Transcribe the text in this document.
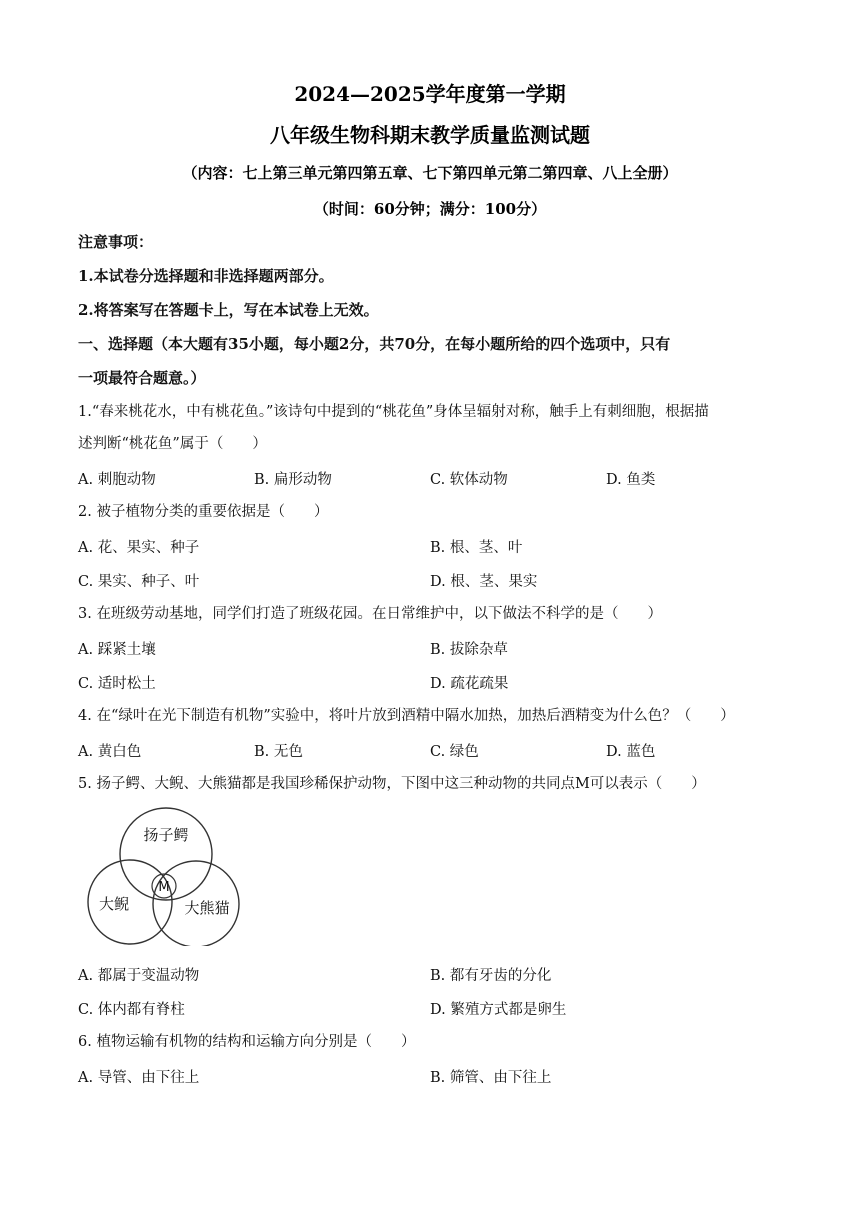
2024—2025学年度第一学期
八年级生物科期末教学质量监测试题
（内容：七上第三单元第四第五章、七下第四单元第二第四章、八上全册）
（时间：60分钟；满分：100分）
注意事项：
1.本试卷分选择题和非选择题两部分。
2.将答案写在答题卡上，写在本试卷上无效。
一、选择题（本大题有35小题，每小题2分，共70分，在每小题所给的四个选项中，只有
一项最符合题意。）
1.“春来桃花水，中有桃花鱼。”该诗句中提到的“桃花鱼”身体呈辐射对称，触手上有刺细胞，根据描
述判断“桃花鱼”属于（　　）
A. 刺胞动物	B. 扁形动物	C. 软体动物	D. 鱼类
2. 被子植物分类的重要依据是（　　）
A. 花、果实、种子	B. 根、茎、叶
C. 果实、种子、叶	D. 根、茎、果实
3. 在班级劳动基地，同学们打造了班级花园。在日常维护中，以下做法不科学的是（　　）
A. 踩紧土壤	B. 拔除杂草
C. 适时松土	D. 疏花疏果
4. 在“绿叶在光下制造有机物”实验中，将叶片放到酒精中隔水加热，加热后酒精变为什么色？（　　）
A. 黄白色	B. 无色	C. 绿色	D. 蓝色
5. 扬子鳄、大鲵、大熊猫都是我国珍稀保护动物，下图中这三种动物的共同点M可以表示（　　）
扬子鳄
大鲵	大熊猫
M
A. 都属于变温动物	B. 都有牙齿的分化
C. 体内都有脊柱	D. 繁殖方式都是卵生
6. 植物运输有机物的结构和运输方向分别是（　　）
A. 导管、由下往上	B. 筛管、由下往上
